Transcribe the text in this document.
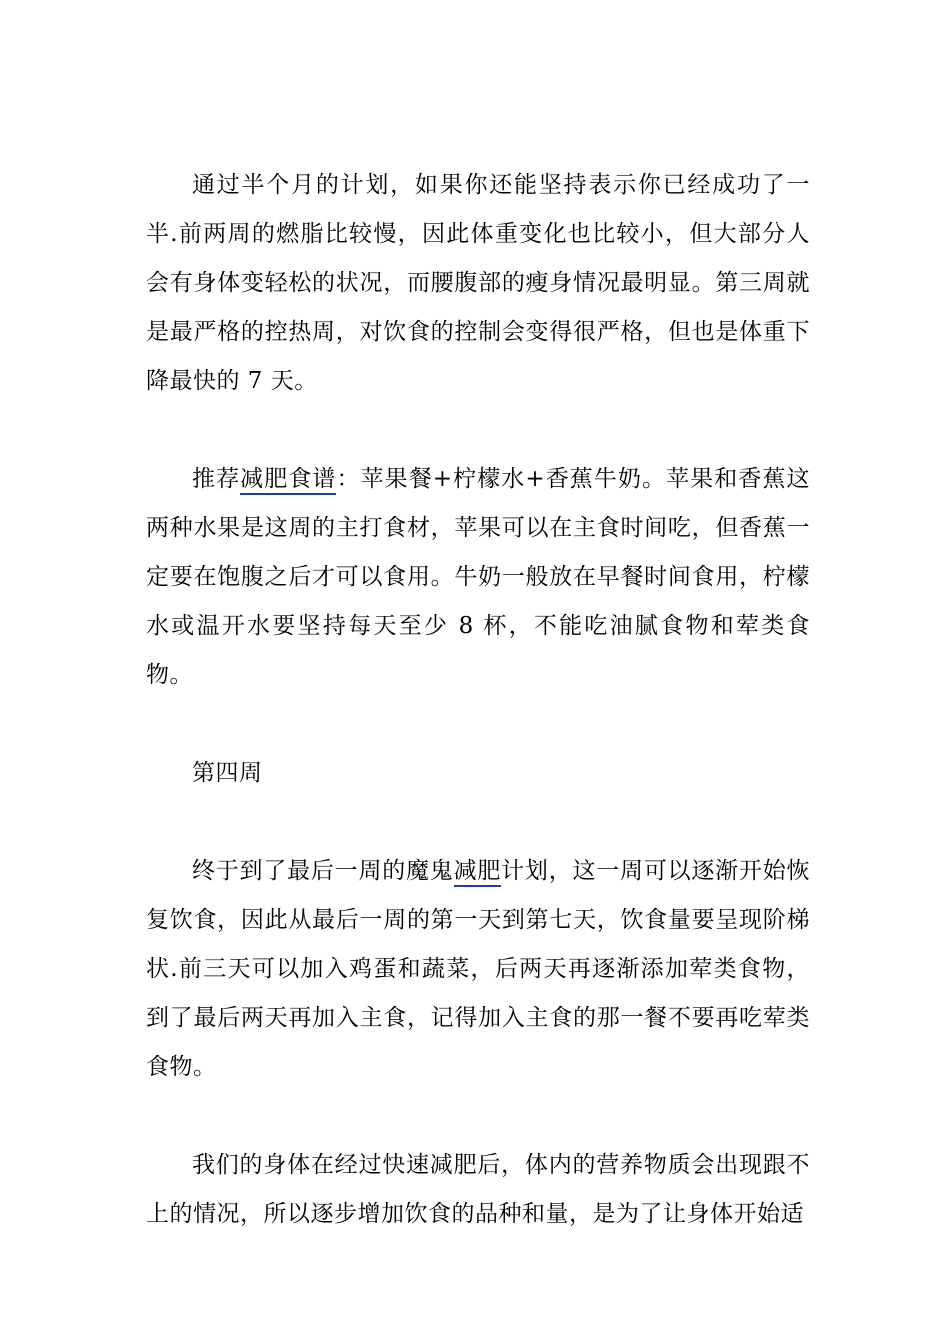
通过半个月的计划，如果你还能坚持表示你已经成功了一半.前两周的燃脂比较慢，因此体重变化也比较小，但大部分人会有身体变轻松的状况，而腰腹部的瘦身情况最明显。第三周就是最严格的控热周，对饮食的控制会变得很严格，但也是体重下降最快的 7 天。

推荐减肥食谱：苹果餐+柠檬水+香蕉牛奶。苹果和香蕉这两种水果是这周的主打食材，苹果可以在主食时间吃，但香蕉一定要在饱腹之后才可以食用。牛奶一般放在早餐时间食用，柠檬水或温开水要坚持每天至少 8 杯，不能吃油腻食物和荤类食物。

第四周

终于到了最后一周的魔鬼减肥计划，这一周可以逐渐开始恢复饮食，因此从最后一周的第一天到第七天，饮食量要呈现阶梯状.前三天可以加入鸡蛋和蔬菜，后两天再逐渐添加荤类食物，到了最后两天再加入主食，记得加入主食的那一餐不要再吃荤类食物。

我们的身体在经过快速减肥后，体内的营养物质会出现跟不上的情况，所以逐步增加饮食的品种和量，是为了让身体开始适
